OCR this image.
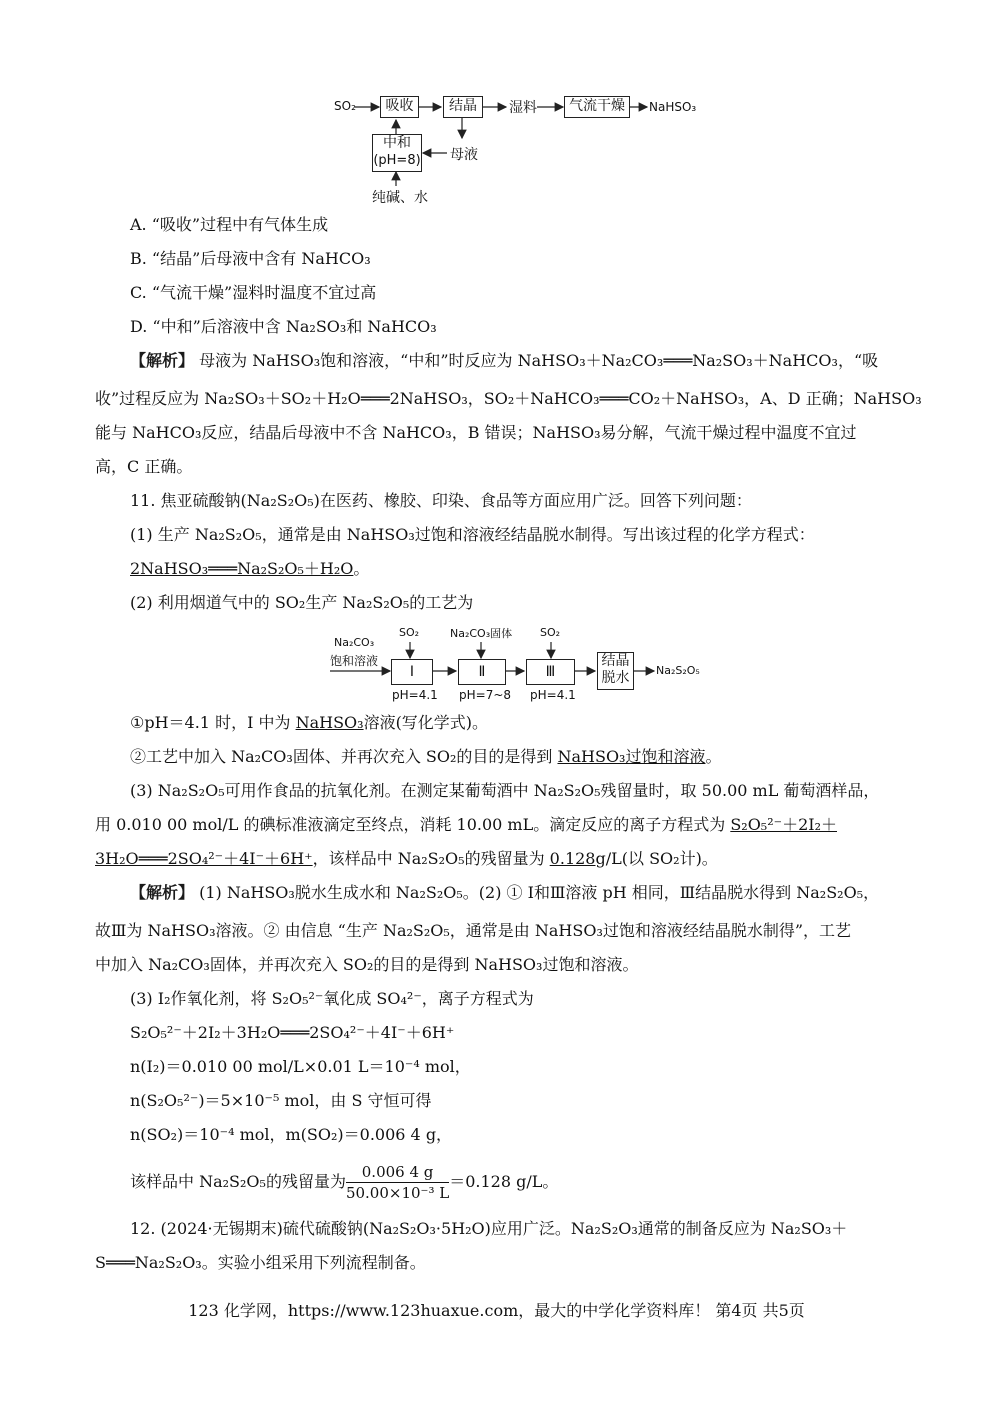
SO₂	吸收	结晶	湿料	气流干燥	NaHSO₃
中和
(pH=8) 母液
纯碱、水
A. “吸收”过程中有气体生成
B. “结晶”后母液中含有 NaHCO₃
C. “气流干燥”湿料时温度不宜过高
D. “中和”后溶液中含 Na₂SO₃和 NaHCO₃
【解析】 母液为 NaHSO₃饱和溶液，“中和”时反应为 NaHSO₃＋Na₂CO₃═══Na₂SO₃＋NaHCO₃，“吸
收”过程反应为 Na₂SO₃＋SO₂＋H₂O═══2NaHSO₃，SO₂＋NaHCO₃═══CO₂＋NaHSO₃，A、D 正确；NaHSO₃
能与 NaHCO₃反应，结晶后母液中不含 NaHCO₃，B 错误；NaHSO₃易分解，气流干燥过程中温度不宜过
高，C 正确。
11. 焦亚硫酸钠(Na₂S₂O₅)在医药、橡胶、印染、食品等方面应用广泛。回答下列问题：
(1) 生产 Na₂S₂O₅，通常是由 NaHSO₃过饱和溶液经结晶脱水制得。写出该过程的化学方程式：
2NaHSO₃═══Na₂S₂O₅＋H₂O。
(2) 利用烟道气中的 SO₂生产 Na₂S₂O₅的工艺为
Na₂CO₃
饱和溶液
SO₂	Na₂CO₃固体	SO₂
Ⅰ	Ⅱ	Ⅲ
结晶
脱水	Na₂S₂O₅
pH=4.1 pH=7~8 pH=4.1
①pH＝4.1 时，Ⅰ 中为 NaHSO₃溶液(写化学式)。
②工艺中加入 Na₂CO₃固体、并再次充入 SO₂的目的是得到 NaHSO₃过饱和溶液。
(3) Na₂S₂O₅可用作食品的抗氧化剂。在测定某葡萄酒中 Na₂S₂O₅残留量时，取 50.00 mL 葡萄酒样品，
用 0.010 00 mol/L 的碘标准液滴定至终点，消耗 10.00 mL。滴定反应的离子方程式为 S₂O₅²⁻＋2I₂＋
3H₂O═══2SO₄²⁻＋4I⁻＋6H⁺，该样品中 Na₂S₂O₅的残留量为 0.128g/L(以 SO₂计)。
【解析】 (1) NaHSO₃脱水生成水和 Na₂S₂O₅。(2) ① Ⅰ和Ⅲ溶液 pH 相同，Ⅲ结晶脱水得到 Na₂S₂O₅，
故Ⅲ为 NaHSO₃溶液。② 由信息 “生产 Na₂S₂O₅，通常是由 NaHSO₃过饱和溶液经结晶脱水制得”，工艺
中加入 Na₂CO₃固体，并再次充入 SO₂的目的是得到 NaHSO₃过饱和溶液。
(3) I₂作氧化剂，将 S₂O₅²⁻氧化成 SO₄²⁻，离子方程式为
S₂O₅²⁻＋2I₂＋3H₂O═══2SO₄²⁻＋4I⁻＋6H⁺
n(I₂)＝0.010 00 mol/L×0.01 L＝10⁻⁴ mol，
n(S₂O₅²⁻)＝5×10⁻⁵ mol，由 S 守恒可得
n(SO₂)＝10⁻⁴ mol，m(SO₂)＝0.006 4 g，
该样品中 Na₂S₂O₅的残留量为 $\frac{0.006 4 g}{\text{50.00×10⁻³ L}} =0.128$ g/L。
12. (2024·无锡期末)硫代硫酸钠(Na₂S₂O₃·5H₂O)应用广泛。Na₂S₂O₃通常的制备反应为 Na₂SO₃＋
S═══Na₂S₂O₃。实验小组采用下列流程制备。
123 化学网，https://www.123huaxue.com，最大的中学化学资料库！ 第4页 共5页
